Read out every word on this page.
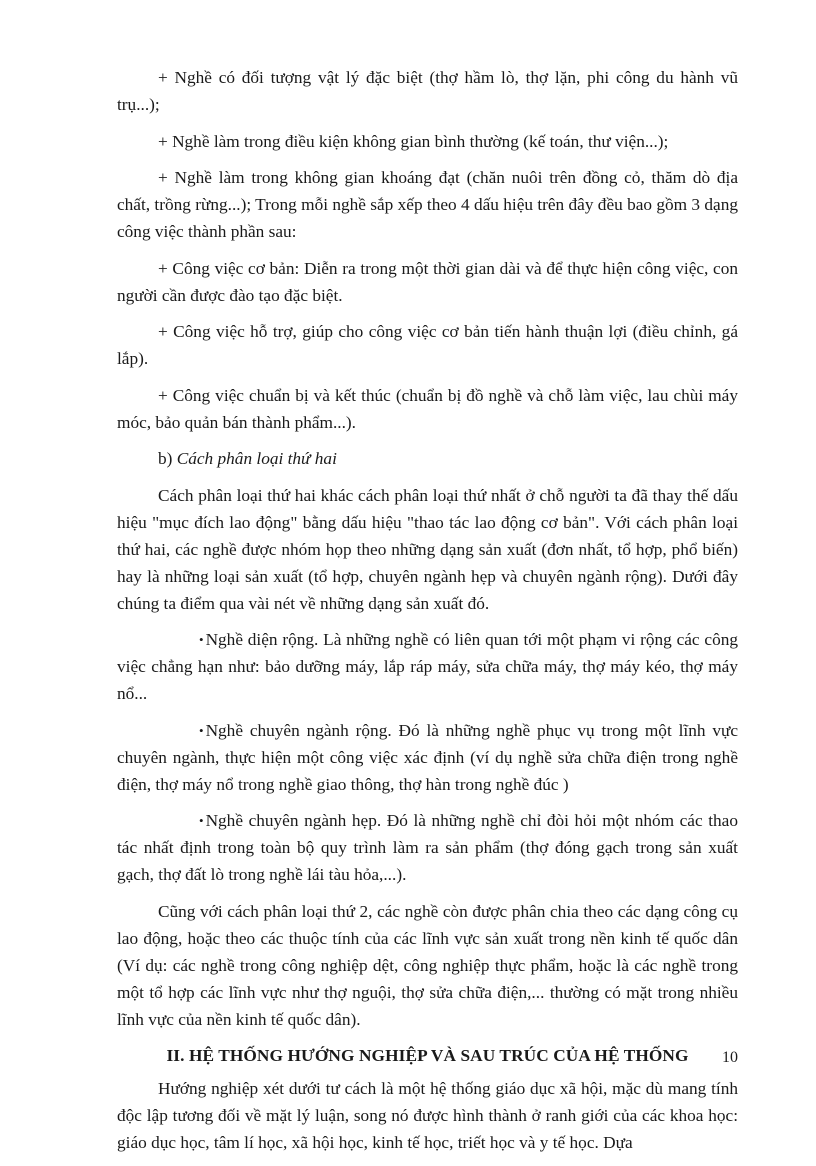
+ Nghề có đối tượng vật lý đặc biệt (thợ hầm lò, thợ lặn, phi công du hành vũ trụ...);

+ Nghề làm trong điều kiện không gian bình thường (kế toán, thư viện...);

+ Nghề làm trong không gian khoáng đạt (chăn nuôi trên đồng cỏ, thăm dò địa chất, trồng rừng...); Trong mỗi nghề sắp xếp theo 4 dấu hiệu trên đây đều bao gồm 3 dạng công việc thành phần sau:

+ Công việc cơ bản: Diễn ra trong một thời gian dài và để thực hiện công việc, con người cần được đào tạo đặc biệt.

+ Công việc hỗ trợ, giúp cho công việc cơ bản tiến hành thuận lợi (điều chỉnh, gá lắp).

+ Công việc chuẩn bị và kết thúc (chuẩn bị đồ nghề và chỗ làm việc, lau chùi máy móc, bảo quản bán thành phẩm...).

b) Cách phân loại thứ hai

Cách phân loại thứ hai khác cách phân loại thứ nhất ở chỗ người ta đã thay thế dấu hiệu "mục đích lao động" bằng dấu hiệu "thao tác lao động cơ bản". Với cách phân loại thứ hai, các nghề được nhóm họp theo những dạng sản xuất (đơn nhất, tổ hợp, phổ biến) hay là những loại sản xuất (tổ hợp, chuyên ngành hẹp và chuyên ngành rộng). Dưới đây chúng ta điểm qua vài nét về những dạng sản xuất đó.

• Nghề diện rộng. Là những nghề có liên quan tới một phạm vi rộng các công việc chẳng hạn như: bảo dưỡng máy, lắp ráp máy, sửa chữa máy, thợ máy kéo, thợ máy nổ...

• Nghề chuyên ngành rộng. Đó là những nghề phục vụ trong một lĩnh vực chuyên ngành, thực hiện một công việc xác định (ví dụ nghề sửa chữa điện trong nghề điện, thợ máy nổ trong nghề giao thông, thợ hàn trong nghề đúc )

• Nghề chuyên ngành hẹp. Đó là những nghề chỉ đòi hỏi một nhóm các thao tác nhất định trong toàn bộ quy trình làm ra sản phẩm (thợ đóng gạch trong sản xuất gạch, thợ đất lò trong nghề lái tàu hỏa,...).

Cũng với cách phân loại thứ 2, các nghề còn được phân chia theo các dạng công cụ lao động, hoặc theo các thuộc tính của các lĩnh vực sản xuất trong nền kinh tế quốc dân (Ví dụ: các nghề trong công nghiệp dệt, công nghiệp thực phẩm, hoặc là các nghề trong một tổ hợp các lĩnh vực như thợ nguội, thợ sửa chữa điện,... thường có mặt trong nhiều lĩnh vực của nền kinh tế quốc dân).

II. HỆ THỐNG HƯỚNG NGHIỆP VÀ SAU TRÚC CỦA HỆ THỐNG

Hướng nghiệp xét dưới tư cách là một hệ thống giáo dục xã hội, mặc dù mang tính độc lập tương đối về mặt lý luận, song nó được hình thành ở ranh giới của các khoa học: giáo dục học, tâm lí học, xã hội học, kinh tế học, triết học và y tế học. Dựa

10
